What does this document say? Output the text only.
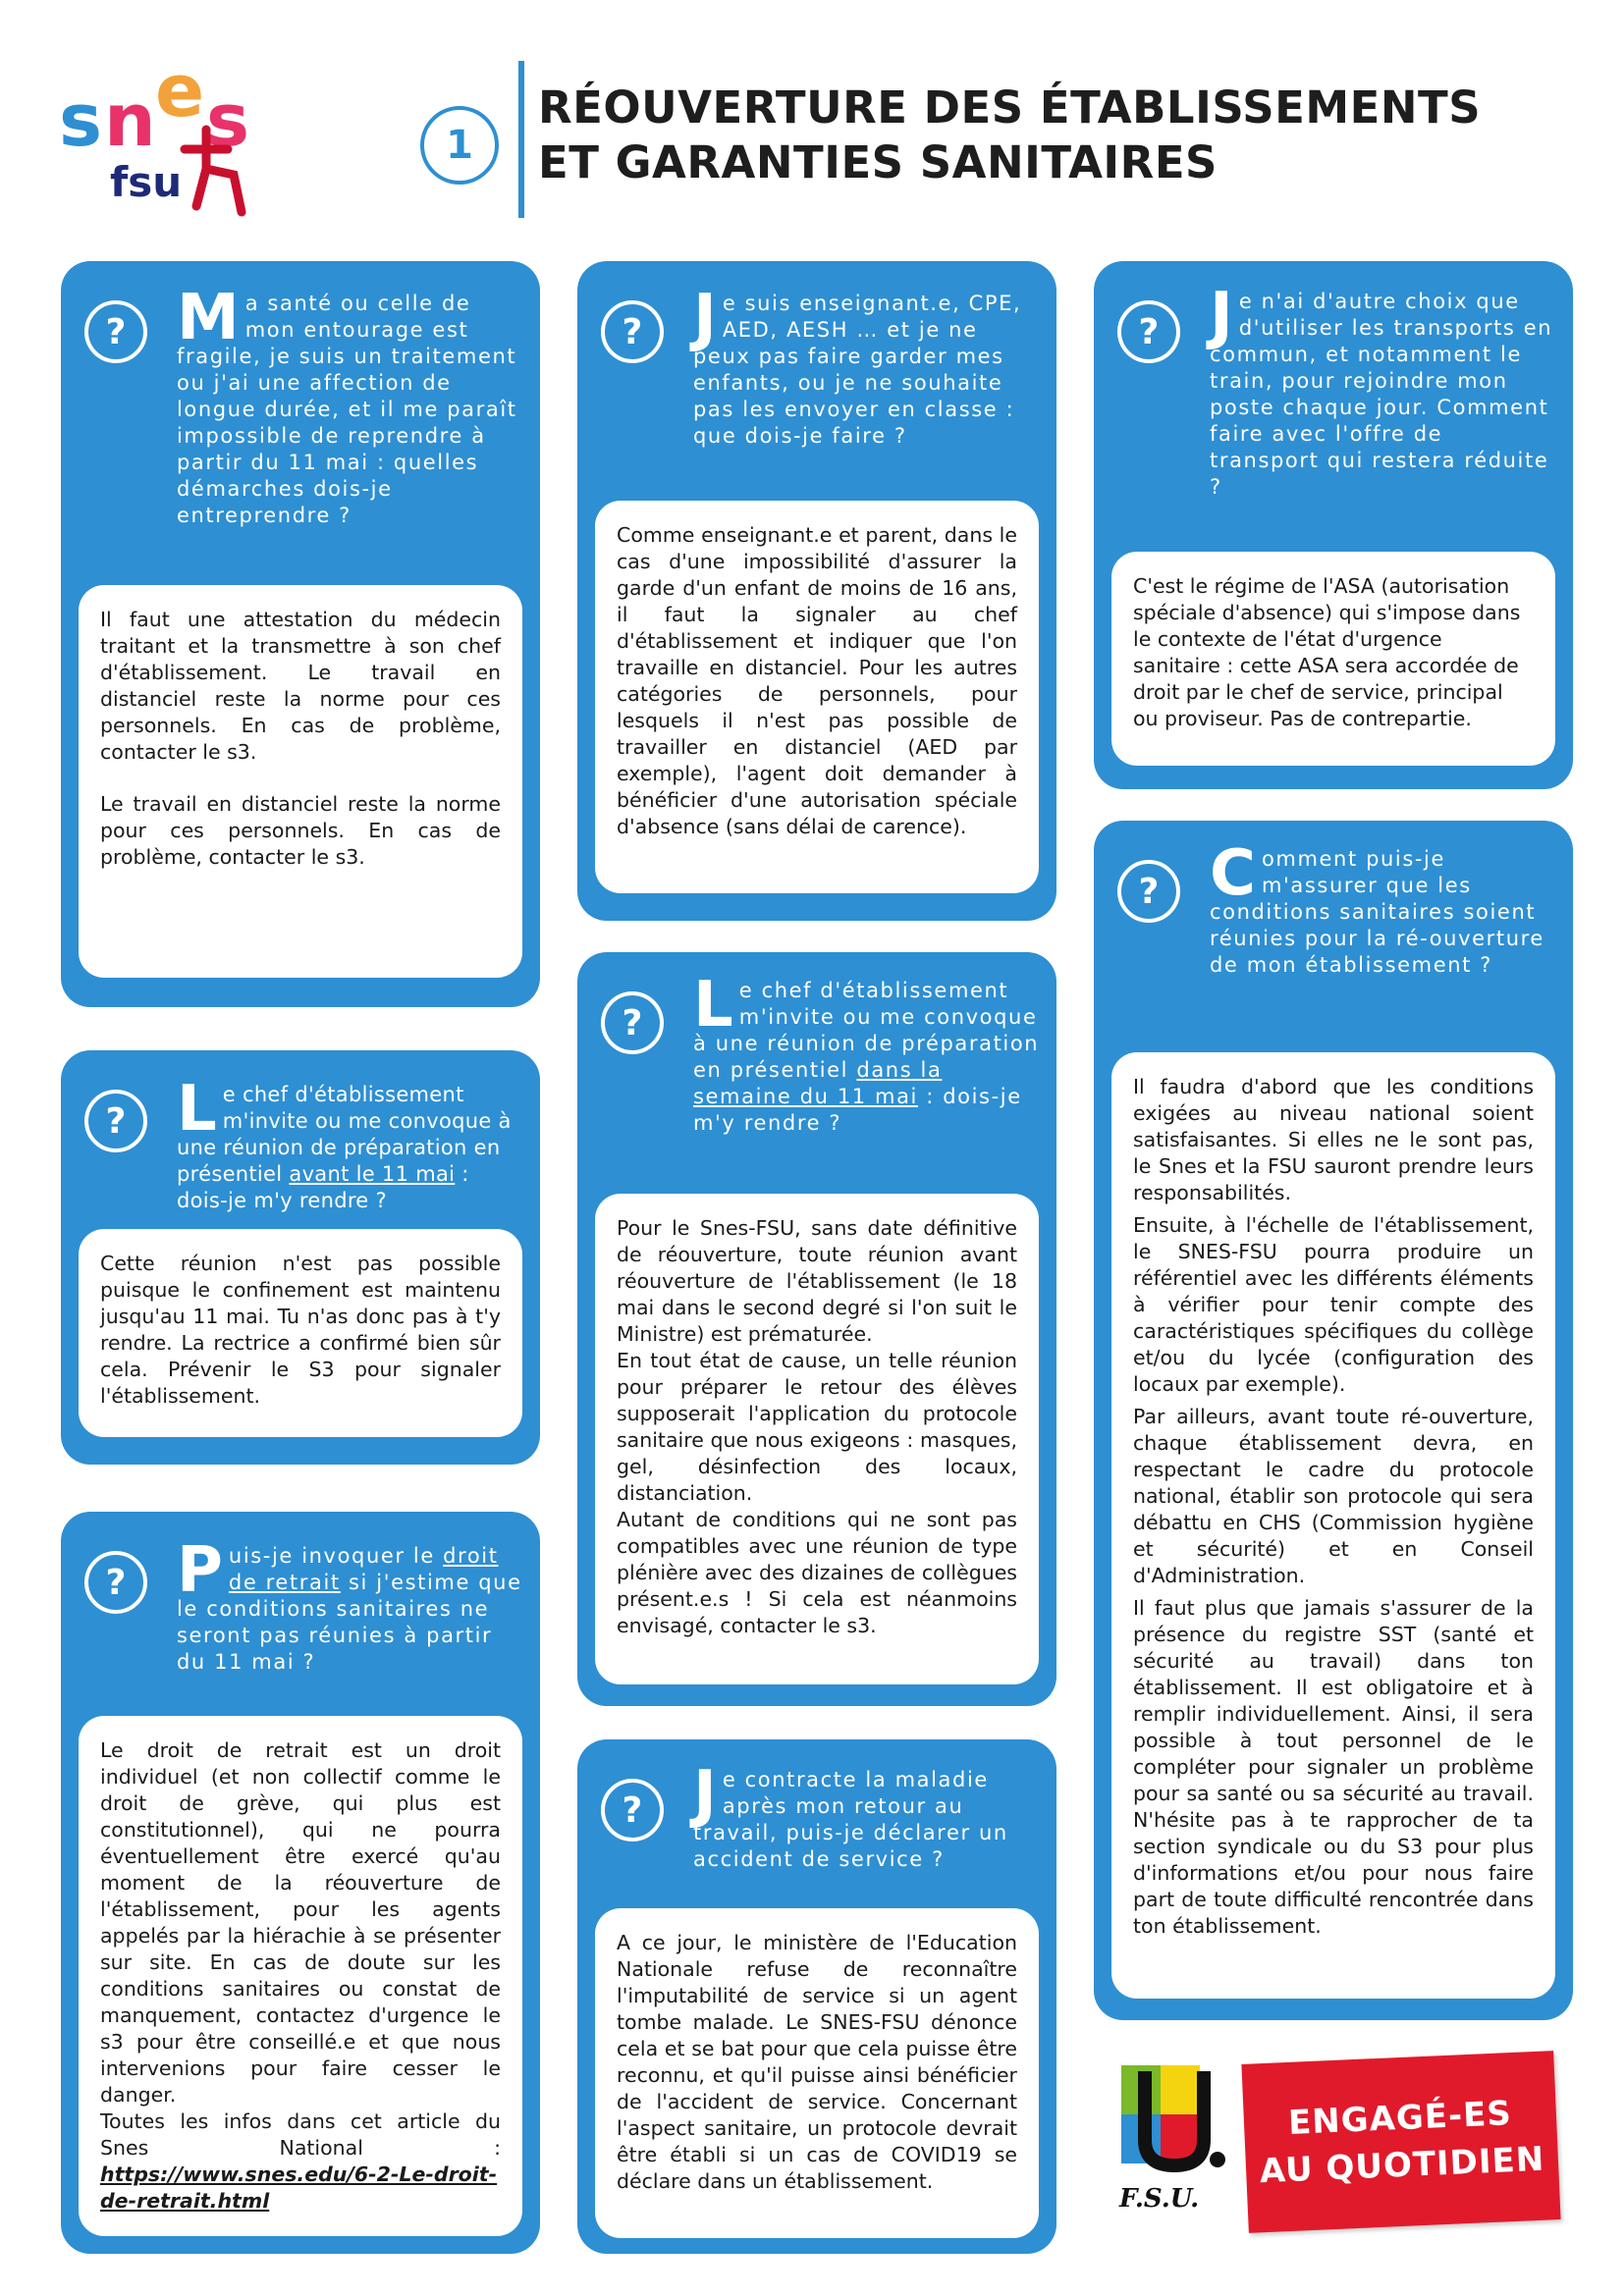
s n e s
fsu
1
RÉOUVERTURE DES ÉTABLISSEMENTS
ET GARANTIES SANITAIRES
? Ma santé ou celle de mon entourage est fragile, je suis un traitement ou j'ai une affection de longue durée, et il me paraît impossible de reprendre à partir du 11 mai : quelles démarches dois-je entreprendre ?

Il faut une attestation du médecin traitant et la transmettre à son chef d'établissement. Le travail en distanciel reste la norme pour ces personnels. En cas de problème, contacter le s3.

Le travail en distanciel reste la norme pour ces personnels. En cas de problème, contacter le s3.

? Le chef d'établissement m'invite ou me convoque à une réunion de préparation en présentiel avant le 11 mai : dois-je m'y rendre ?

Cette réunion n'est pas possible puisque le confinement est maintenu jusqu'au 11 mai. Tu n'as donc pas à t'y rendre. La rectrice a confirmé bien sûr cela. Prévenir le S3 pour signaler l'établissement.

? Puis-je invoquer le droit de retrait si j'estime que le conditions sanitaires ne seront pas réunies à partir du 11 mai ?

Le droit de retrait est un droit individuel (et non collectif comme le droit de grève, qui plus est constitutionnel), qui ne pourra éventuellement être exercé qu'au moment de la réouverture de l'établissement, pour les agents appelés par la hiérachie à se présenter sur site. En cas de doute sur les conditions sanitaires ou constat de manquement, contactez d'urgence le s3 pour être conseillé.e et que nous intervenions pour faire cesser le danger.

Toutes les infos dans cet article du Snes National : https://www.snes.edu/6-2-Le-droit-de-retrait.html

? Je suis enseignant.e, CPE, AED, AESH … et je ne peux pas faire garder mes enfants, ou je ne souhaite pas les envoyer en classe : que dois-je faire ?

Comme enseignant.e et parent, dans le cas d'une impossibilité d'assurer la garde d'un enfant de moins de 16 ans, il faut la signaler au chef d'établissement et indiquer que l'on travaille en distanciel. Pour les autres catégories de personnels, pour lesquels il n'est pas possible de travailler en distanciel (AED par exemple), l'agent doit demander à bénéficier d'une autorisation spéciale d'absence (sans délai de carence).

? Le chef d'établissement m'invite ou me convoque à une réunion de préparation en présentiel dans la semaine du 11 mai : dois-je m'y rendre ?

Pour le Snes-FSU, sans date définitive de réouverture, toute réunion avant réouverture de l'établissement (le 18 mai dans le second degré si l'on suit le Ministre) est prématurée.

En tout état de cause, un telle réunion pour préparer le retour des élèves supposerait l'application du protocole sanitaire que nous exigeons : masques, gel, désinfection des locaux, distanciation.

Autant de conditions qui ne sont pas compatibles avec une réunion de type plénière avec des dizaines de collègues présent.e.s ! Si cela est néanmoins envisagé, contacter le s3.

? Je contracte la maladie après mon retour au travail, puis-je déclarer un accident de service ?

A ce jour, le ministère de l'Education Nationale refuse de reconnaître l'imputabilité de service si un agent tombe malade. Le SNES-FSU dénonce cela et se bat pour que cela puisse être reconnu, et qu'il puisse ainsi bénéficier de l'accident de service. Concernant l'aspect sanitaire, un protocole devrait être établi si un cas de COVID19 se déclare dans un établissement.

? Je n'ai d'autre choix que d'utiliser les transports en commun, et notamment le train, pour rejoindre mon poste chaque jour. Comment faire avec l'offre de transport qui restera réduite ?

C'est le régime de l'ASA (autorisation spéciale d'absence) qui s'impose dans le contexte de l'état d'urgence sanitaire : cette ASA sera accordée de droit par le chef de service, principal ou proviseur. Pas de contrepartie.

? Comment puis-je m'assurer que les conditions sanitaires soient réunies pour la ré-ouverture de mon établissement ?

Il faudra d'abord que les conditions exigées au niveau national soient satisfaisantes. Si elles ne le sont pas, le Snes et la FSU sauront prendre leurs responsabilités.

Ensuite, à l'échelle de l'établissement, le SNES-FSU pourra produire un référentiel avec les différents éléments à vérifier pour tenir compte des caractéristiques spécifiques du collège et/ou du lycée (configuration des locaux par exemple).

Par ailleurs, avant toute ré-ouverture, chaque établissement devra, en respectant le cadre du protocole national, établir son protocole qui sera débattu en CHS (Commission hygiène et sécurité) et en Conseil d'Administration.

Il faut plus que jamais s'assurer de la présence du registre SST (santé et sécurité au travail) dans ton établissement. Il est obligatoire et à remplir individuellement. Ainsi, il sera possible à tout personnel de le compléter pour signaler un problème pour sa santé ou sa sécurité au travail. N'hésite pas à te rapprocher de ta section syndicale ou du S3 pour plus d'informations et/ou pour nous faire part de toute difficulté rencontrée dans ton établissement.

F.S.U.
ENGAGÉ-ES
AU QUOTIDIEN
